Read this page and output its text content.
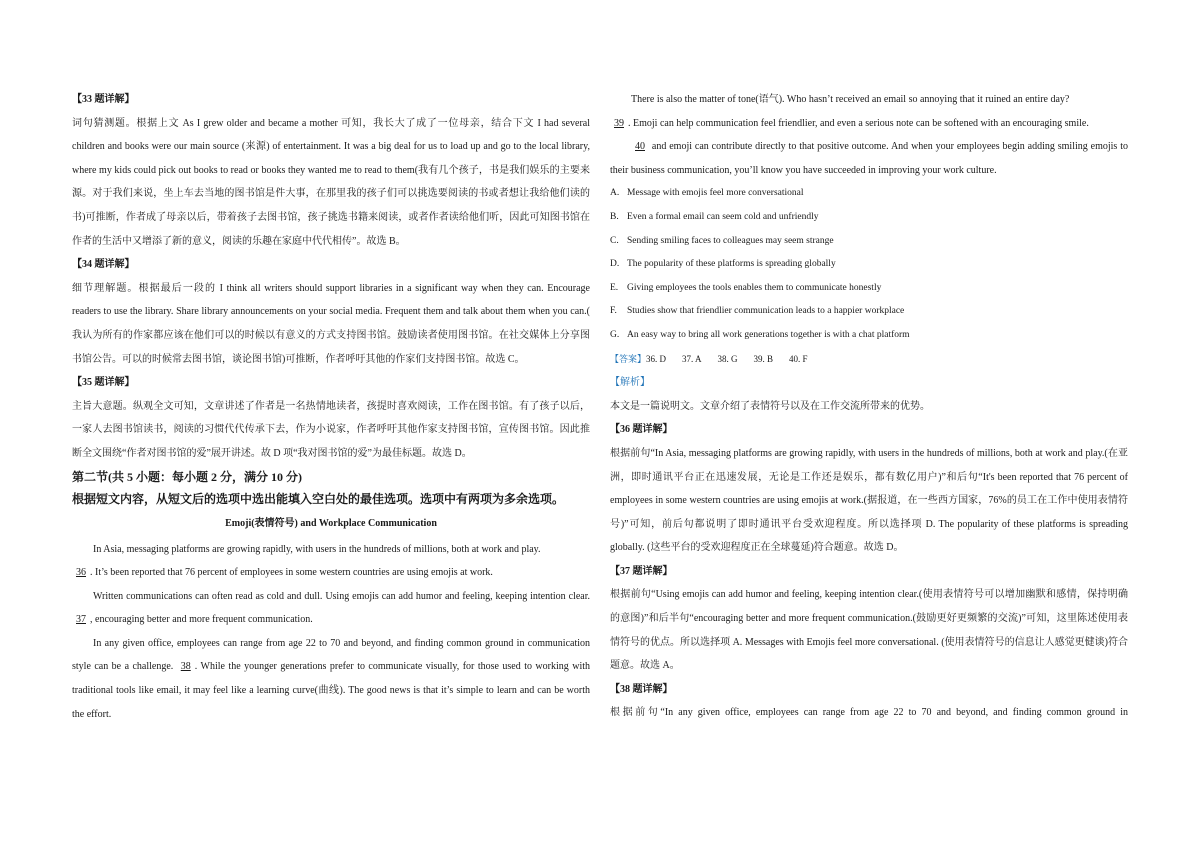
【33 题详解】

词句猜测题。根据上文 As I grew older and became a mother 可知，我长大了成了一位母亲，结合下文 I had several children and books were our main source (来源) of entertainment. It was a big deal for us to load up and go to the local library, where my kids could pick out books to read or books they wanted me to read to them(我有几个孩子，书是我们娱乐的主要来源。对于我们来说，坐上车去当地的图书馆是件大事，在那里我的孩子们可以挑选要阅读的书或者想让我给他们读的书)可推断，作者成了母亲以后，带着孩子去图书馆，孩子挑选书籍来阅读，或者作者读给他们听，因此可知图书馆在作者的生活中又增添了新的意义，阅读的乐趣在家庭中代代相传”。故选 B。

【34 题详解】

细节理解题。根据最后一段的 I think all writers should support libraries in a significant way when they can. Encourage readers to use the library. Share library announcements on your social media. Frequent them and talk about them when you can.( 我认为所有的作家都应该在他们可以的时候以有意义的方式支持图书馆。鼓励读者使用图书馆。在社交媒体上分享图书馆公告。可以的时候常去图书馆，谈论图书馆)可推断，作者呼吁其他的作家们支持图书馆。故选 C。

【35 题详解】

主旨大意题。纵观全文可知，文章讲述了作者是一名热情地读者，孩提时喜欢阅读，工作在图书馆。有了孩子以后，一家人去图书馆读书，阅读的习惯代代传承下去，作为小说家，作者呼吁其他作家支持图书馆，宣传图书馆。因此推断全文围绕“作者对图书馆的爱”展开讲述。故 D 项“我对图书馆的爱”为最佳标题。故选 D。

第二节(共 5 小题：每小题 2 分，满分 10 分)

根据短文内容，从短文后的选项中选出能填入空白处的最佳选项。选项中有两项为多余选项。

Emoji(表情符号) and Workplace Communication

In Asia, messaging platforms are growing rapidly, with users in the hundreds of millions, both at work and play.
36 . It’s been reported that 76 percent of employees in some western countries are using emojis at work.

Written communications can often read as cold and dull. Using emojis can add humor and feeling, keeping intention clear. 37 , encouraging better and more frequent communication.

In any given office, employees can range from age 22 to 70 and beyond, and finding common ground in communication style can be a challenge. 38 . While the younger generations prefer to communicate visually, for those used to working with traditional tools like email, it may feel like a learning curve(曲线). The good news is that it’s simple to learn and can be worth the effort.

There is also the matter of tone(语气). Who hasn’t received an email so annoying that it ruined an entire day?
39 . Emoji can help communication feel friendlier, and even a serious note can be softened with an encouraging smile.

40 and emoji can contribute directly to that positive outcome. And when your employees begin adding smiling emojis to their business communication, you’ll know you have succeeded in improving your work culture.

A. Message with emojis feel more conversational

B. Even a formal email can seem cold and unfriendly

C. Sending smiling faces to colleagues may seem strange

D. The popularity of these platforms is spreading globally

E. Giving employees the tools enables them to communicate honestly

F.	Studies show that friendlier communication leads to a happier workplace

G. An easy way to bring all work generations together is with a chat platform

【答案】36. D 37. A 38. G 39. B 40. F

【解析】

本文是一篇说明文。文章介绍了表情符号以及在工作交流所带来的优势。

【36 题详解】

根据前句“In Asia, messaging platforms are growing rapidly, with users in the hundreds of millions, both at work and play.(在亚洲，即时通讯平台正在迅速发展，无论是工作还是娱乐，都有数亿用户)”和后句“It's been reported that 76 percent of employees in some western countries are using emojis at work.(据报道，在一些西方国家，76%的员工在工作中使用表情符号)”可知，前后句都说明了即时通讯平台受欢迎程度。所以选择项 D. The popularity of these platforms is spreading globally. (这些平台的受欢迎程度正在全球蔓延)符合题意。故选 D。

【37 题详解】

根据前句“Using emojis can add humor and feeling, keeping intention clear.(使用表情符号可以增加幽默和感情，保持明确的意图)”和后半句“encouraging better and more frequent communication.(鼓励更好更频繁的交流)”可知，这里陈述使用表情符号的优点。所以选择项 A. Messages with Emojis feel more conversational. (使用表情符号的信息让人感觉更健谈)符合题意。故选 A。

【38 题详解】

根据前句“In any given office, employees can range from age 22 to 70 and beyond, and finding common ground in
